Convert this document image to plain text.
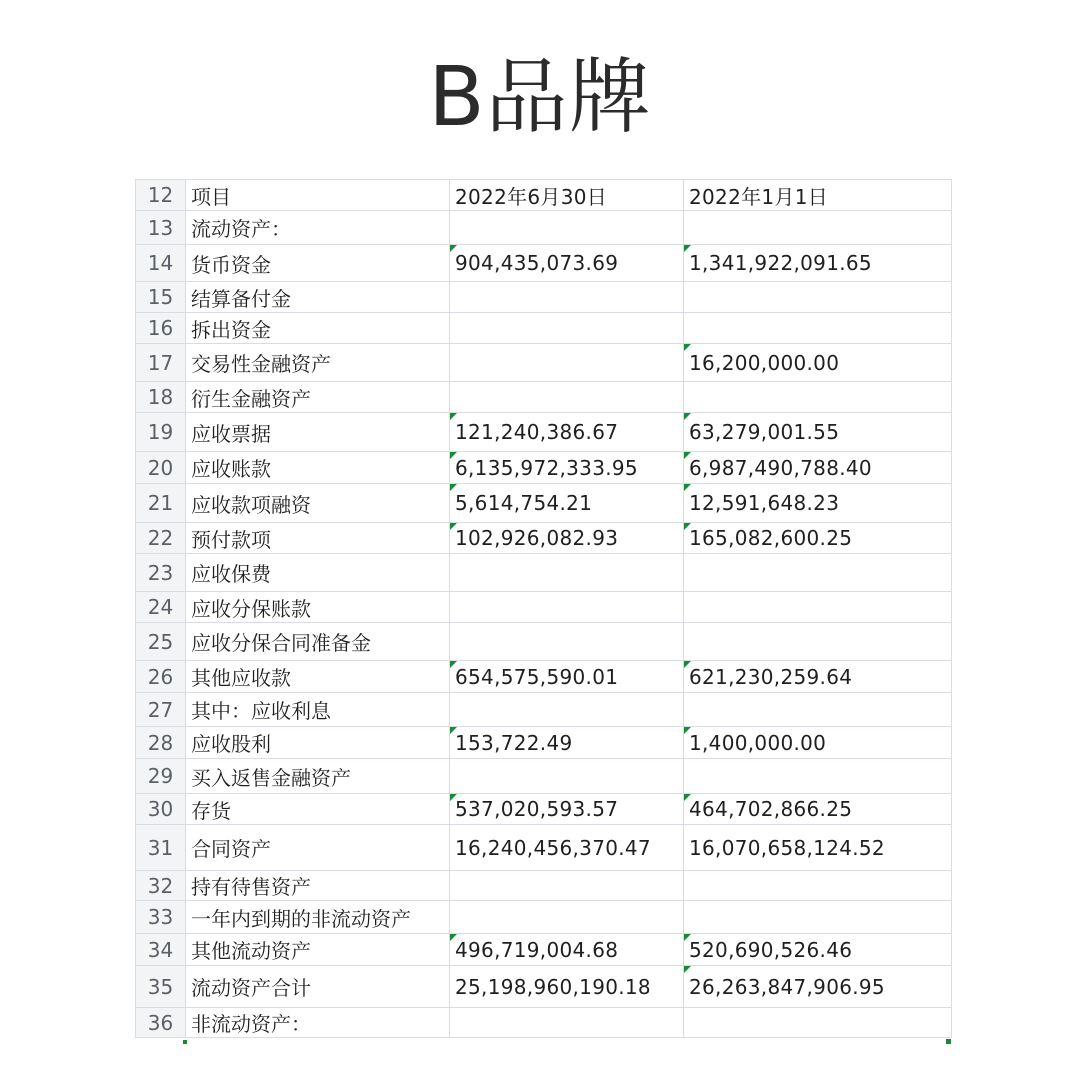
B品牌
12	项目	2022年6月30日	2022年1月1日
13	流动资产：		
14	货币资金	904,435,073.69	1,341,922,091.65
15	结算备付金		
16	拆出资金		
17	交易性金融资产		16,200,000.00
18	衍生金融资产		
19	应收票据	121,240,386.67	63,279,001.55
20	应收账款	6,135,972,333.95	6,987,490,788.40
21	应收款项融资	5,614,754.21	12,591,648.23
22	预付款项	102,926,082.93	165,082,600.25
23	应收保费		
24	应收分保账款		
25	应收分保合同准备金		
26	其他应收款	654,575,590.01	621,230,259.64
27	其中：应收利息		
28	应收股利	153,722.49	1,400,000.00
29	买入返售金融资产		
30	存货	537,020,593.57	464,702,866.25
31	合同资产	16,240,456,370.47	16,070,658,124.52
32	持有待售资产		
33	一年内到期的非流动资产		
34	其他流动资产	496,719,004.68	520,690,526.46
35	流动资产合计	25,198,960,190.18	26,263,847,906.95
36	非流动资产：		
